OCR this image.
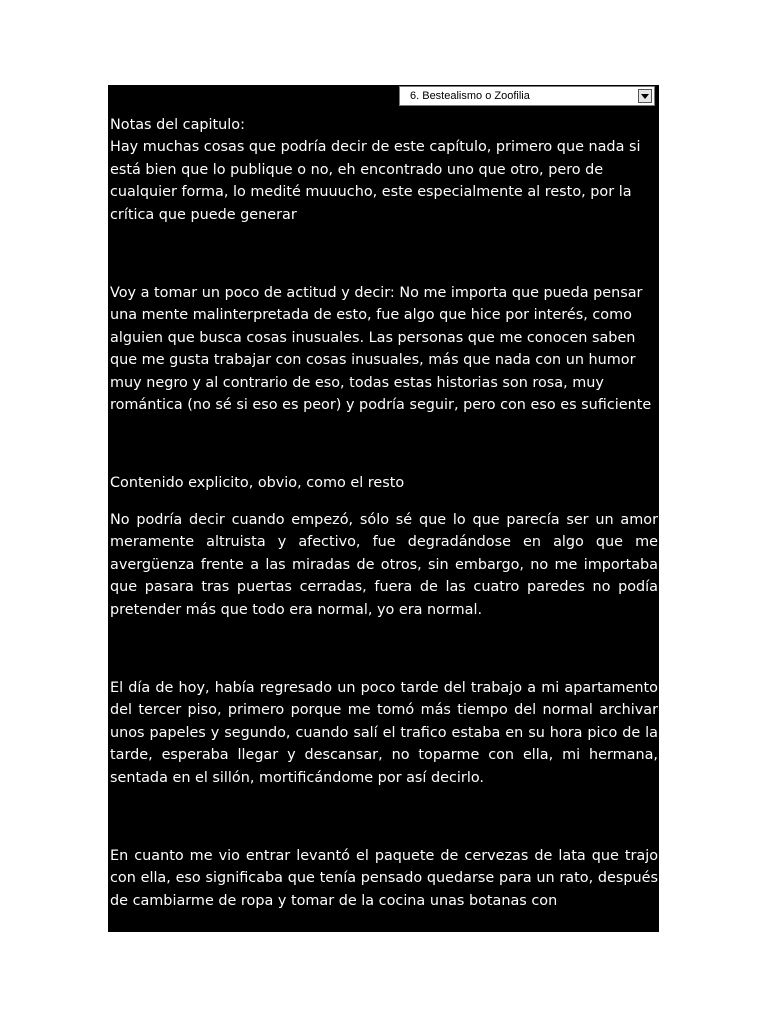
6. Bestealismo o Zoofilia

Notas del capitulo:

Hay muchas cosas que podría decir de este capítulo, primero que nada si está bien que lo publique o no, eh encontrado uno que otro, pero de cualquier forma, lo medité muuucho, este especialmente al resto, por la crítica que puede generar

Voy a tomar un poco de actitud y decir: No me importa que pueda pensar una mente malinterpretada de esto, fue algo que hice por interés, como alguien que busca cosas inusuales. Las personas que me conocen saben que me gusta trabajar con cosas inusuales, más que nada con un humor muy negro y al contrario de eso, todas estas historias son rosa, muy romántica (no sé si eso es peor) y podría seguir, pero con eso es suficiente

Contenido explicito, obvio, como el resto

No podría decir cuando empezó, sólo sé que lo que parecía ser un amor meramente altruista y afectivo, fue degradándose en algo que me avergüenza frente a las miradas de otros, sin embargo, no me importaba que pasara tras puertas cerradas, fuera de las cuatro paredes no podía pretender más que todo era normal, yo era normal.

El día de hoy, había regresado un poco tarde del trabajo a mi apartamento del tercer piso, primero porque me tomó más tiempo del normal archivar unos papeles y segundo, cuando salí el trafico estaba en su hora pico de la tarde, esperaba llegar y descansar, no toparme con ella, mi hermana, sentada en el sillón, mortificándome por así decirlo.

En cuanto me vio entrar levantó el paquete de cervezas de lata que trajo con ella, eso significaba que tenía pensado quedarse para un rato, después de cambiarme de ropa y tomar de la cocina unas botanas con
